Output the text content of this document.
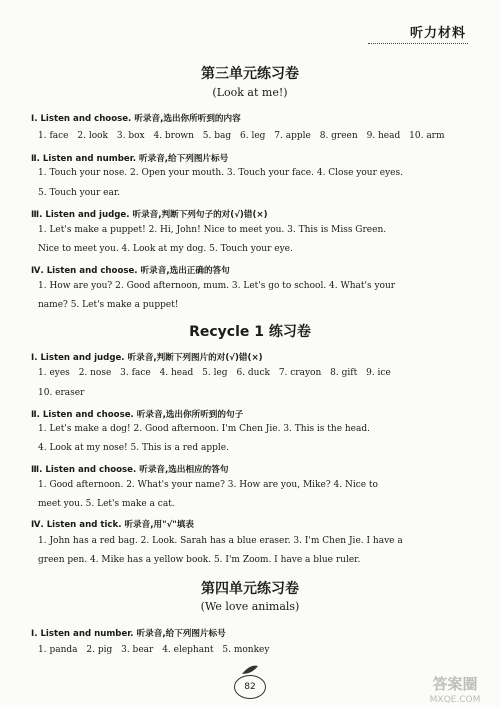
听力材料
第三单元练习卷
(Look at me!)
Ⅰ. Listen and choose. 听录音,选出你所听到的内容
1. face 2. look 3. box 4. brown 5. bag 6. leg 7. apple 8. green 9. head 10. arm
Ⅱ. Listen and number. 听录音,给下列图片标号
1. Touch your nose. 2. Open your mouth. 3. Touch your face. 4. Close your eyes.
5. Touch your ear.
Ⅲ. Listen and judge. 听录音,判断下列句子的对(√)错(×)
1. Let's make a puppet! 2. Hi, John! Nice to meet you. 3. This is Miss Green.
Nice to meet you. 4. Look at my dog. 5. Touch your eye.
Ⅳ. Listen and choose. 听录音,选出正确的答句
1. How are you? 2. Good afternoon, mum. 3. Let's go to school. 4. What's your
name? 5. Let's make a puppet!
Recycle 1 练习卷
Ⅰ. Listen and judge. 听录音,判断下列图片的对(√)错(×)
1. eyes 2. nose 3. face 4. head 5. leg 6. duck 7. crayon 8. gift 9. ice
10. eraser
Ⅱ. Listen and choose. 听录音,选出你所听到的句子
1. Let's make a dog! 2. Good afternoon. I'm Chen Jie. 3. This is the head.
4. Look at my nose! 5. This is a red apple.
Ⅲ. Listen and choose. 听录音,选出相应的答句
1. Good afternoon. 2. What's your name? 3. How are you, Mike? 4. Nice to
meet you. 5. Let's make a cat.
Ⅳ. Listen and tick. 听录音,用"√"填表
1. John has a red bag. 2. Look. Sarah has a blue eraser. 3. I'm Chen Jie. I have a
green pen. 4. Mike has a yellow book. 5. I'm Zoom. I have a blue ruler.
第四单元练习卷
(We love animals)
Ⅰ. Listen and number. 听录音,给下列图片标号
1. panda 2. pig 3. bear 4. elephant 5. monkey
82	答案圈
MXQE.COM
